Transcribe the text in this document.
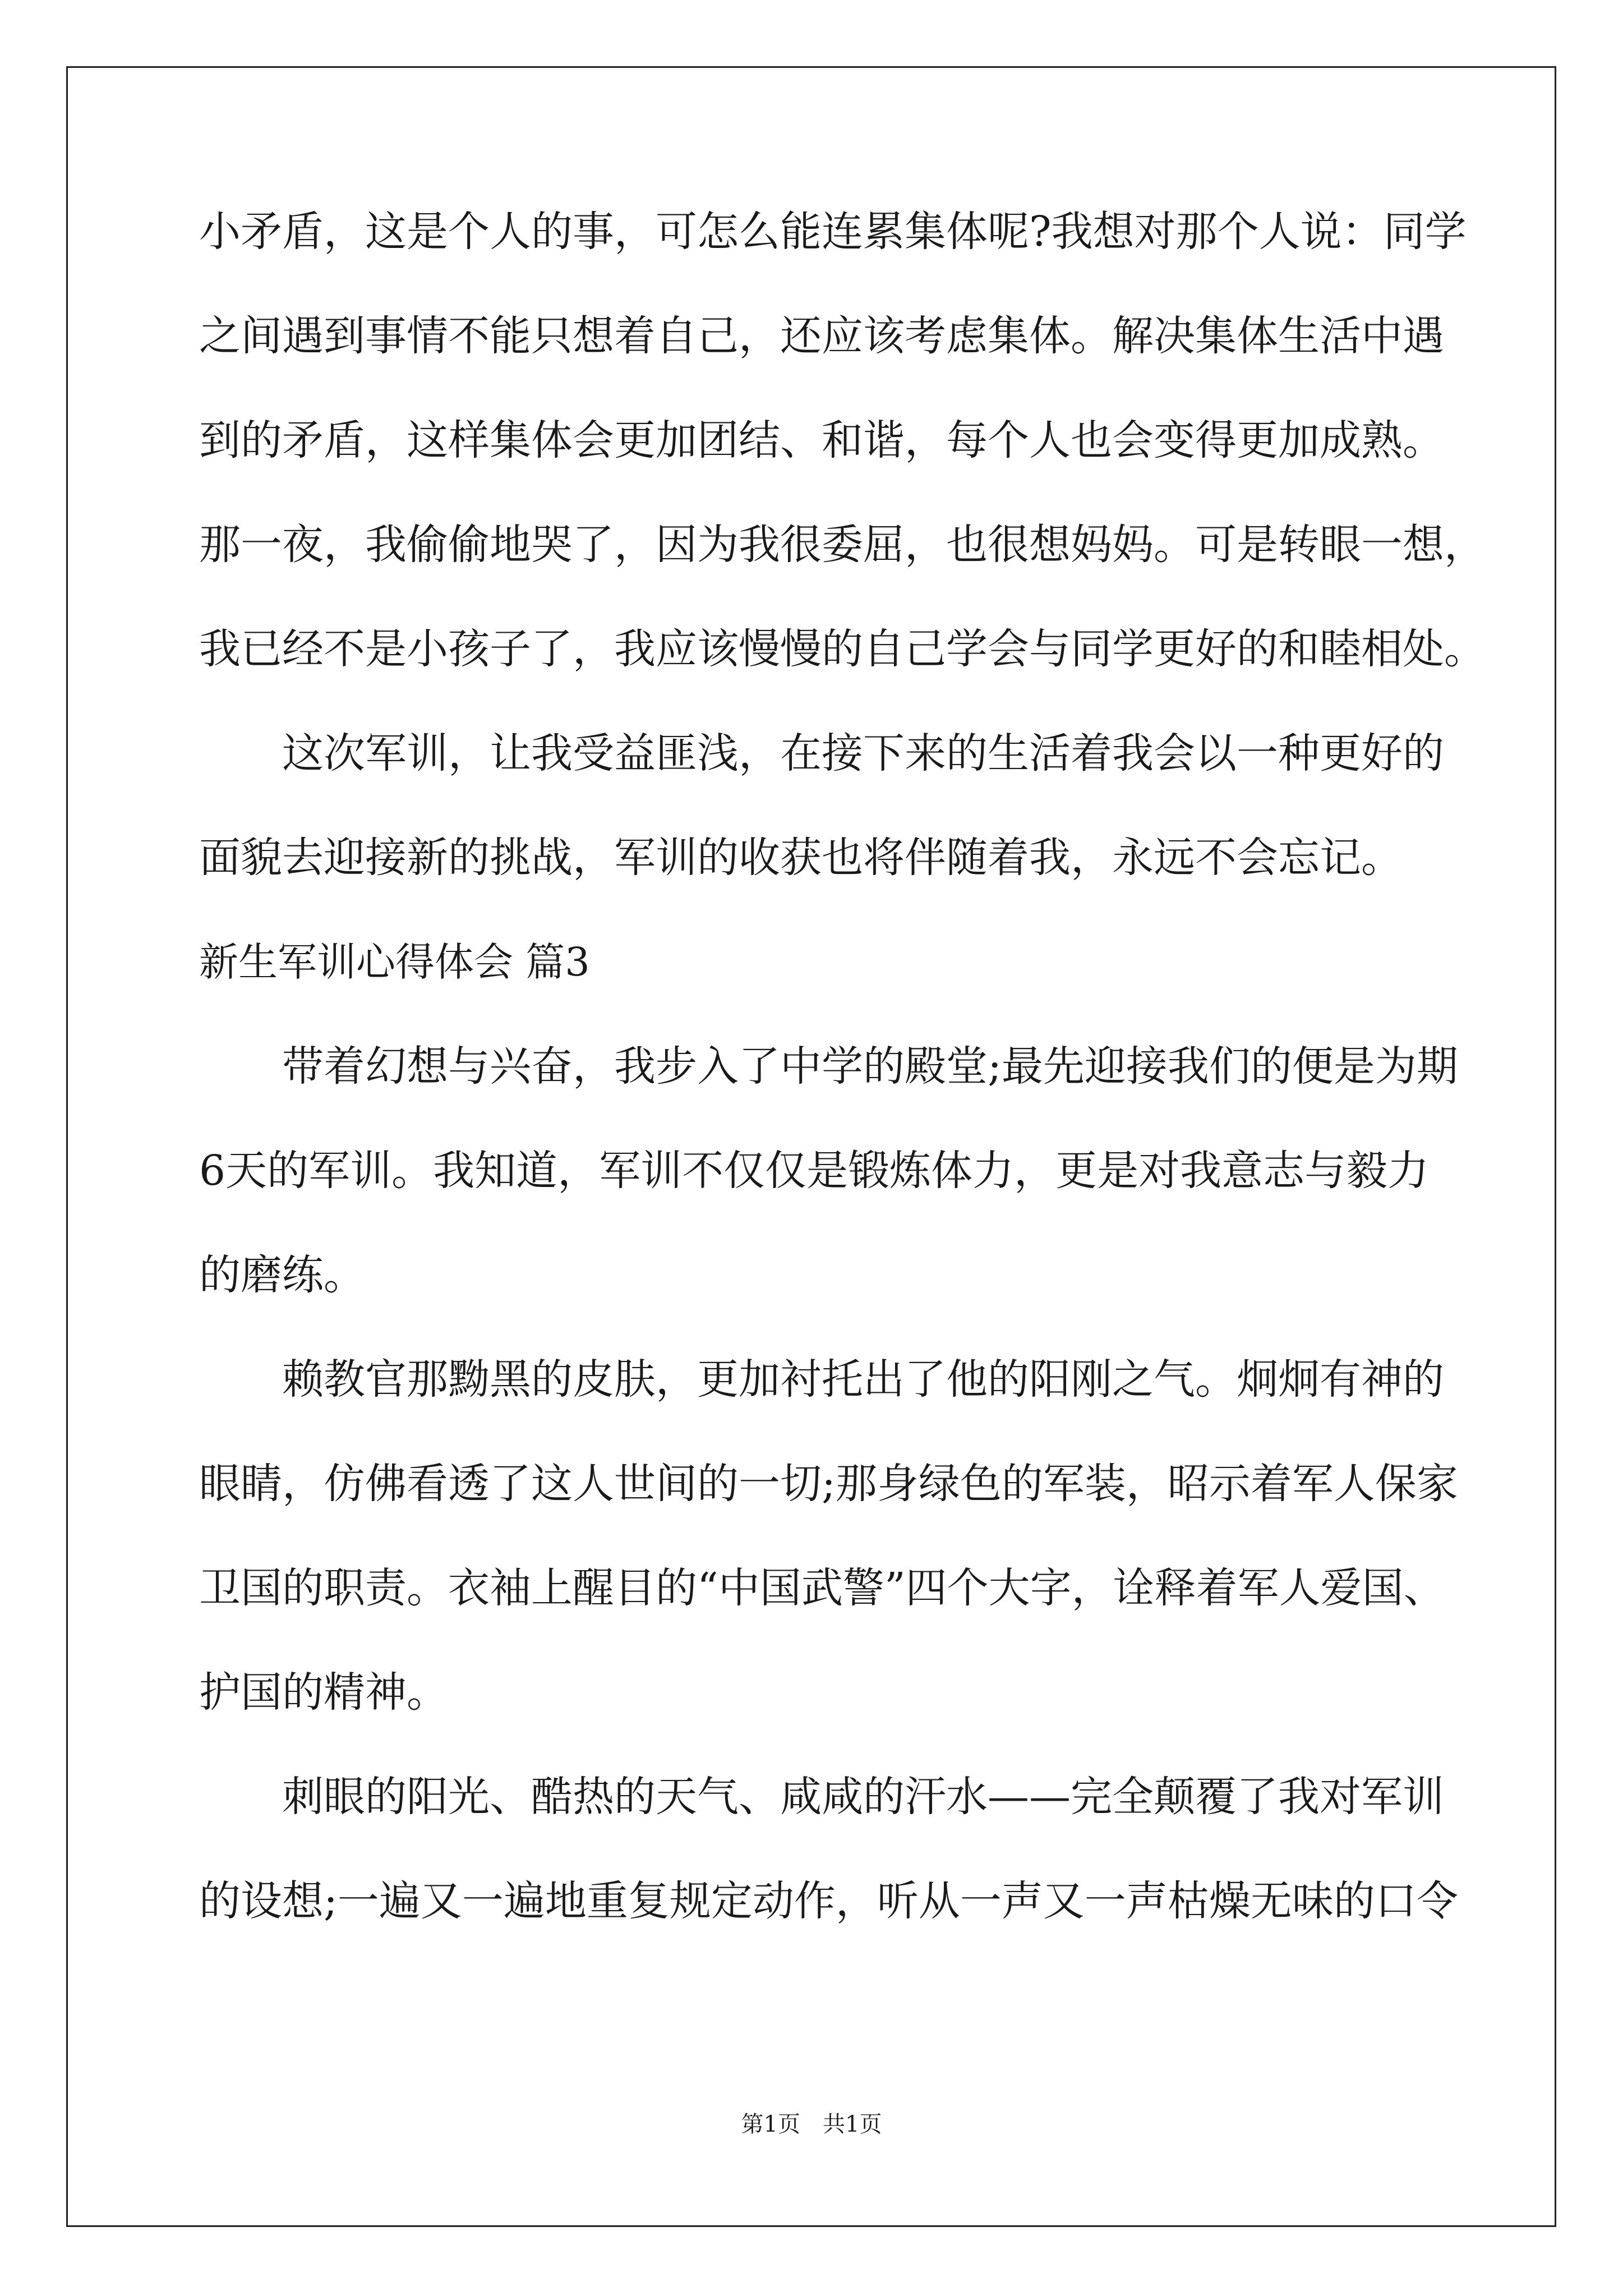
小矛盾，这是个人的事，可怎么能连累集体呢?我想对那个人说：同学
之间遇到事情不能只想着自己，还应该考虑集体。解决集体生活中遇
到的矛盾，这样集体会更加团结、和谐，每个人也会变得更加成熟。
那一夜，我偷偷地哭了，因为我很委屈，也很想妈妈。可是转眼一想，
我已经不是小孩子了，我应该慢慢的自己学会与同学更好的和睦相处。
　　这次军训，让我受益匪浅，在接下来的生活着我会以一种更好的
面貌去迎接新的挑战，军训的收获也将伴随着我，永远不会忘记。
新生军训心得体会 篇3
　　带着幻想与兴奋，我步入了中学的殿堂;最先迎接我们的便是为期
6天的军训。我知道，军训不仅仅是锻炼体力，更是对我意志与毅力
的磨练。
　　赖教官那黝黑的皮肤，更加衬托出了他的阳刚之气。炯炯有神的
眼睛，仿佛看透了这人世间的一切;那身绿色的军装，昭示着军人保家
卫国的职责。衣袖上醒目的“中国武警”四个大字，诠释着军人爱国、
护国的精神。
　　刺眼的阳光、酷热的天气、咸咸的汗水——完全颠覆了我对军训
的设想;一遍又一遍地重复规定动作，听从一声又一声枯燥无味的口令
第1页　共1页
